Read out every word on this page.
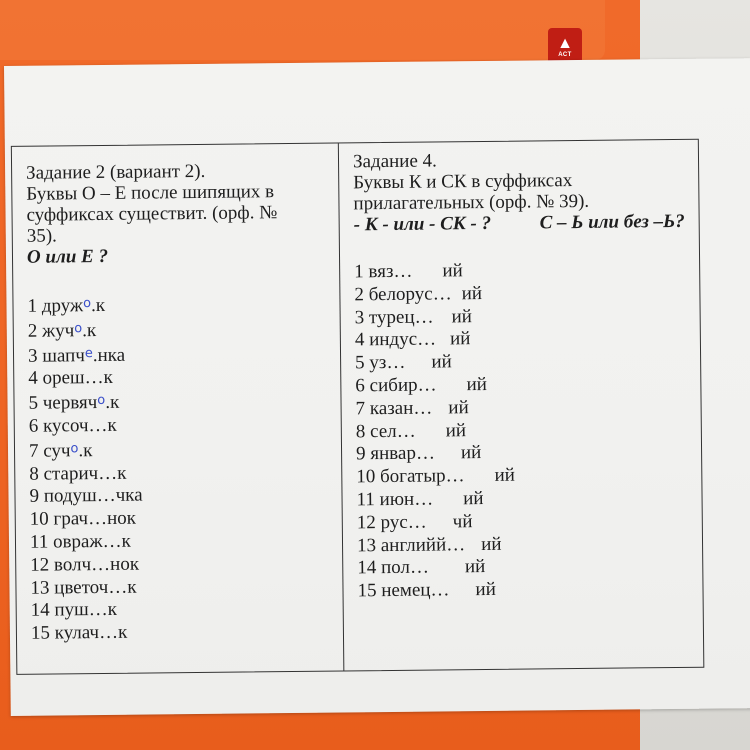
▲
АСТ
Задание 2 (вариант 2).
Буквы О – Е после шипящих в
суффиксах существит. (орф. №
35).
О или Е ?
1 друж$^о$.к
2 жуч$^о$.к
3 шапч$^е$.нка
4 ореш…к
5 червяч$^о$.к
6 кусоч…к
7 суч$^о$.к
8 старич…к
9 подуш…чка
10 грач…нок
11 овраж…к
12 волч…нок
13 цветоч…к
14 пуш…к
15 кулач…к
Задание 4.
Буквы К и СК в суффиксах
прилагательных (орф. № 39).
- К - или - СК - ?	С – Ь или без –Ь?
1 вяз… ий
2 белорус… ий
3 турец… ий
4 индус… ий
5 уз… ий
6 сибир… ий
7 казан… ий
8 сел… ий
9 январ… ий
10 богатыр… ий
11 июн… ий
12 рус… чй
13 английй… ий
14 пол… ий
15 немец… ий
